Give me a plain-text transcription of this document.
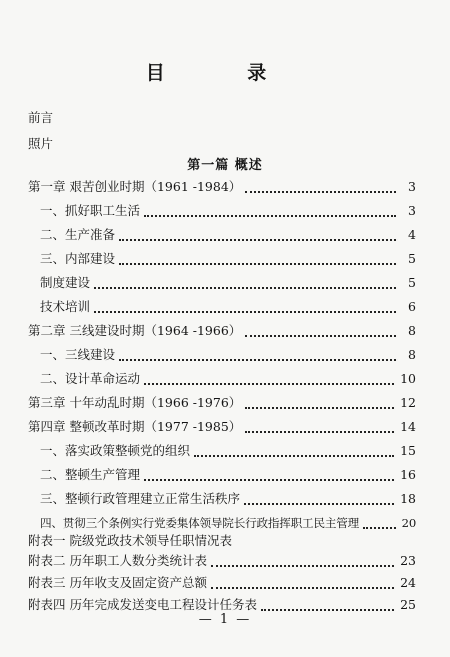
目 录
前言
照片
第一篇 概述
第一章 艰苦创业时期（1961 -1984）	3
一、抓好职工生活	3
二、生产准备	4
三、内部建设	5
制度建设	5
技术培训	6
第二章 三线建设时期（1964 -1966）	8
一、三线建设	8
二、设计革命运动	10
第三章 十年动乱时期（1966 -1976）	12
第四章 整顿改革时期（1977 -1985）	14
一、落实政策整顿党的组织	15
二、整顿生产管理	16
三、整顿行政管理建立正常生活秩序	18
四、贯彻三个条例实行党委集体领导院长行政指挥职工民主管理	20
附表一 院级党政技术领导任职情况表
附表二 历年职工人数分类统计表	23
附表三 历年收支及固定资产总额	24
附表四 历年完成发送变电工程设计任务表	25
— 1 —
